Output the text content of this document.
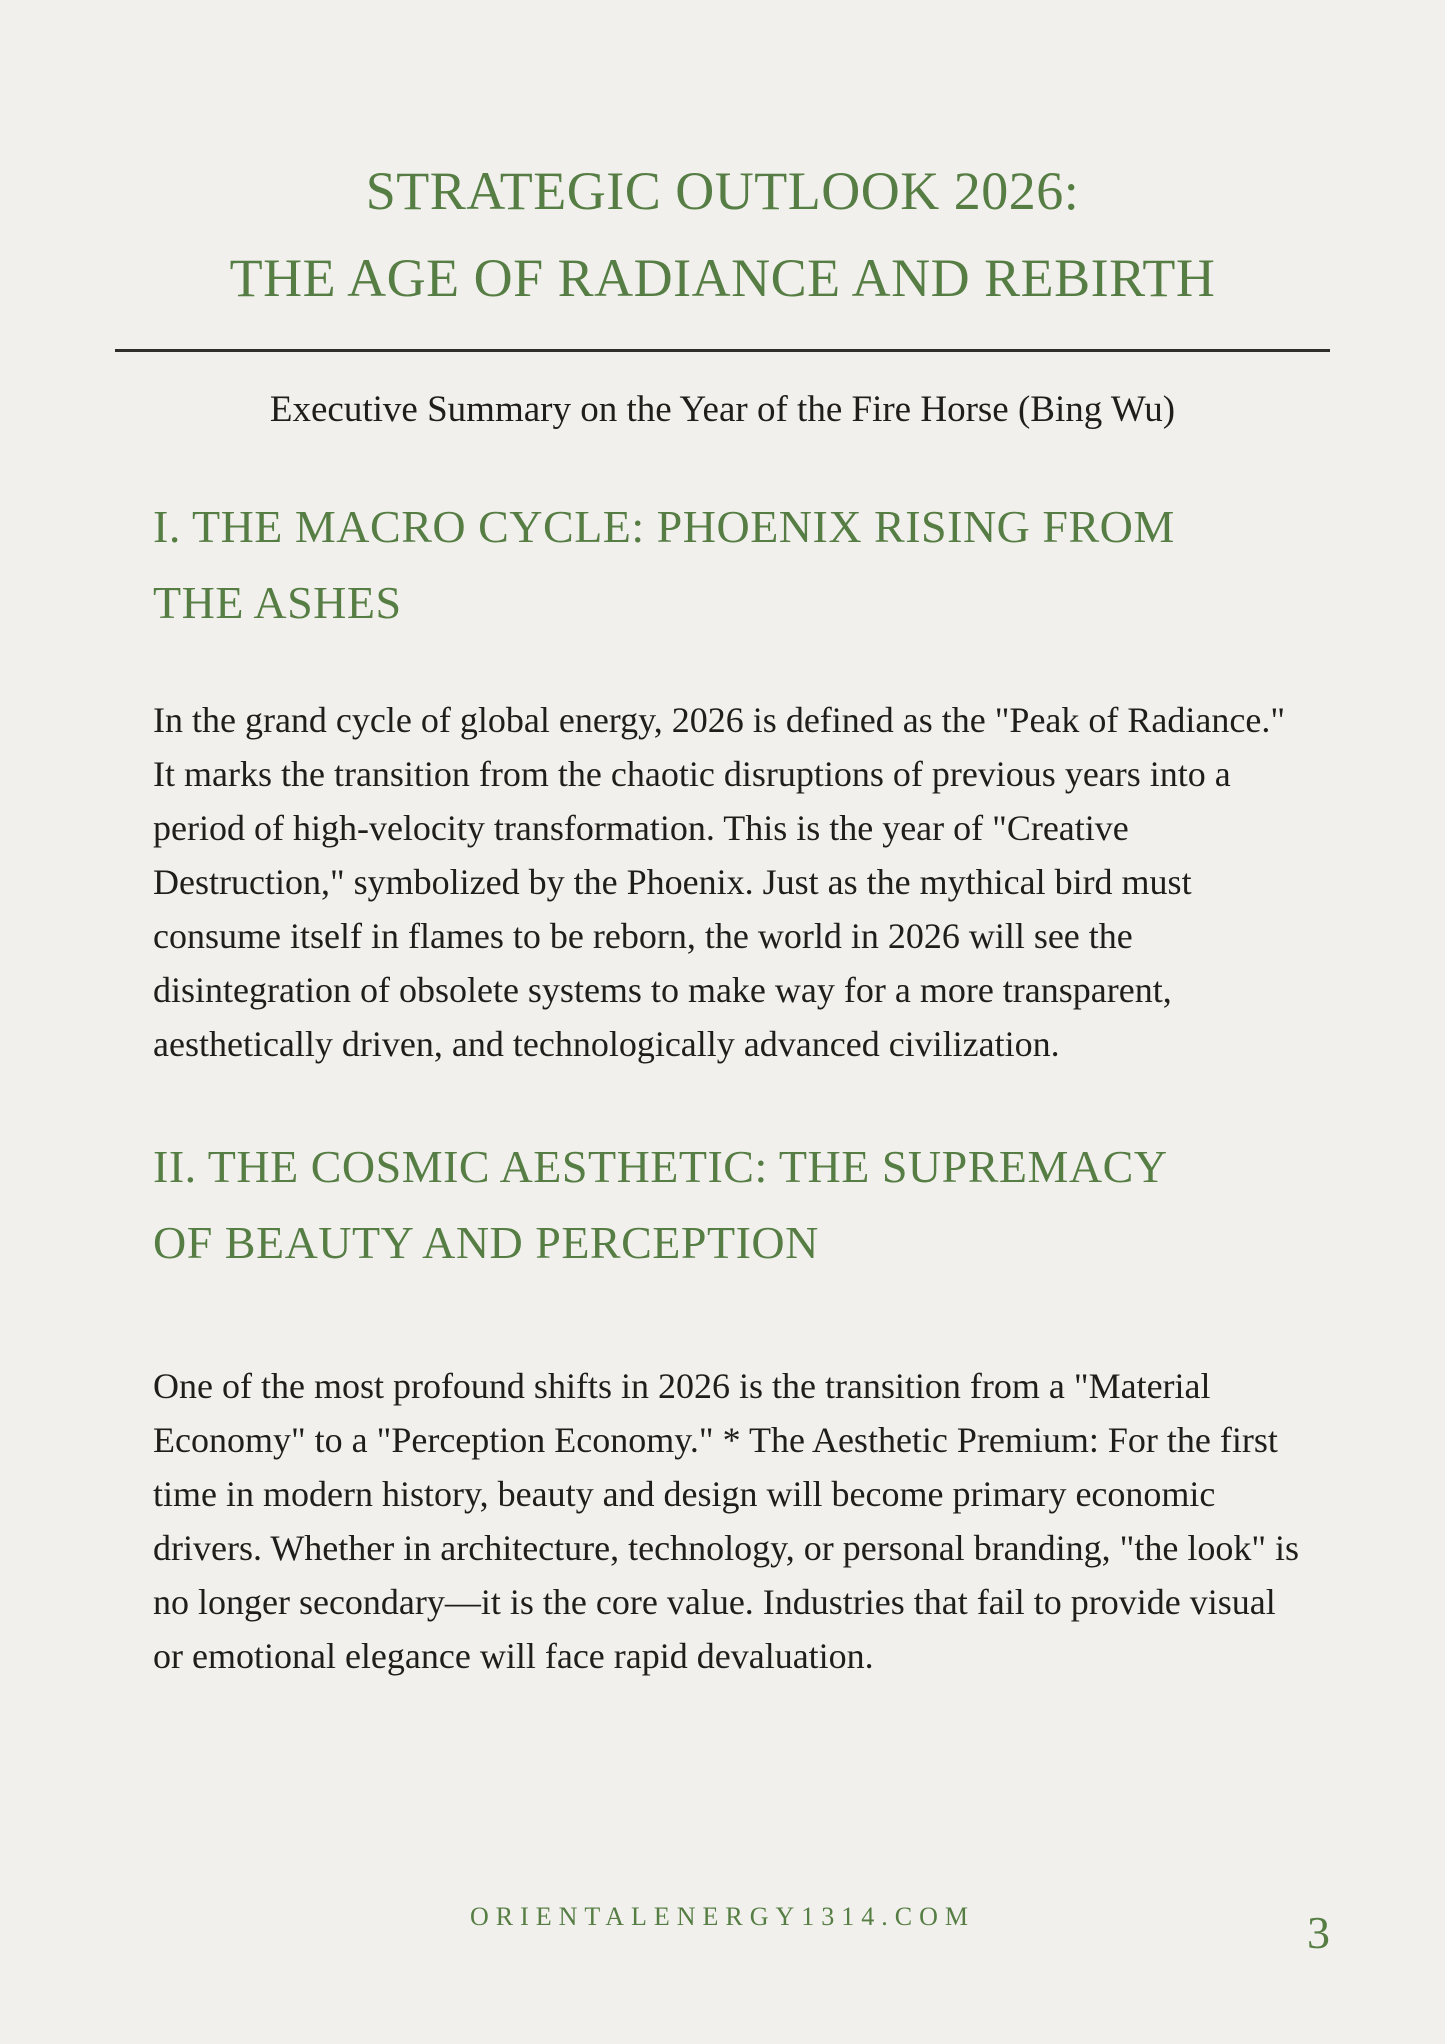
STRATEGIC OUTLOOK 2026:
THE AGE OF RADIANCE AND REBIRTH

Executive Summary on the Year of the Fire Horse (Bing Wu)

I. THE MACRO CYCLE: PHOENIX RISING FROM THE ASHES

In the grand cycle of global energy, 2026 is defined as the "Peak of Radiance." It marks the transition from the chaotic disruptions of previous years into a period of high-velocity transformation. This is the year of "Creative Destruction," symbolized by the Phoenix. Just as the mythical bird must consume itself in flames to be reborn, the world in 2026 will see the disintegration of obsolete systems to make way for a more transparent, aesthetically driven, and technologically advanced civilization.

II. THE COSMIC AESTHETIC: THE SUPREMACY OF BEAUTY AND PERCEPTION

One of the most profound shifts in 2026 is the transition from a "Material Economy" to a "Perception Economy." * The Aesthetic Premium: For the first time in modern history, beauty and design will become primary economic drivers. Whether in architecture, technology, or personal branding, "the look" is no longer secondary—it is the core value. Industries that fail to provide visual or emotional elegance will face rapid devaluation.

ORIENTALENERGY1314.COM	3
